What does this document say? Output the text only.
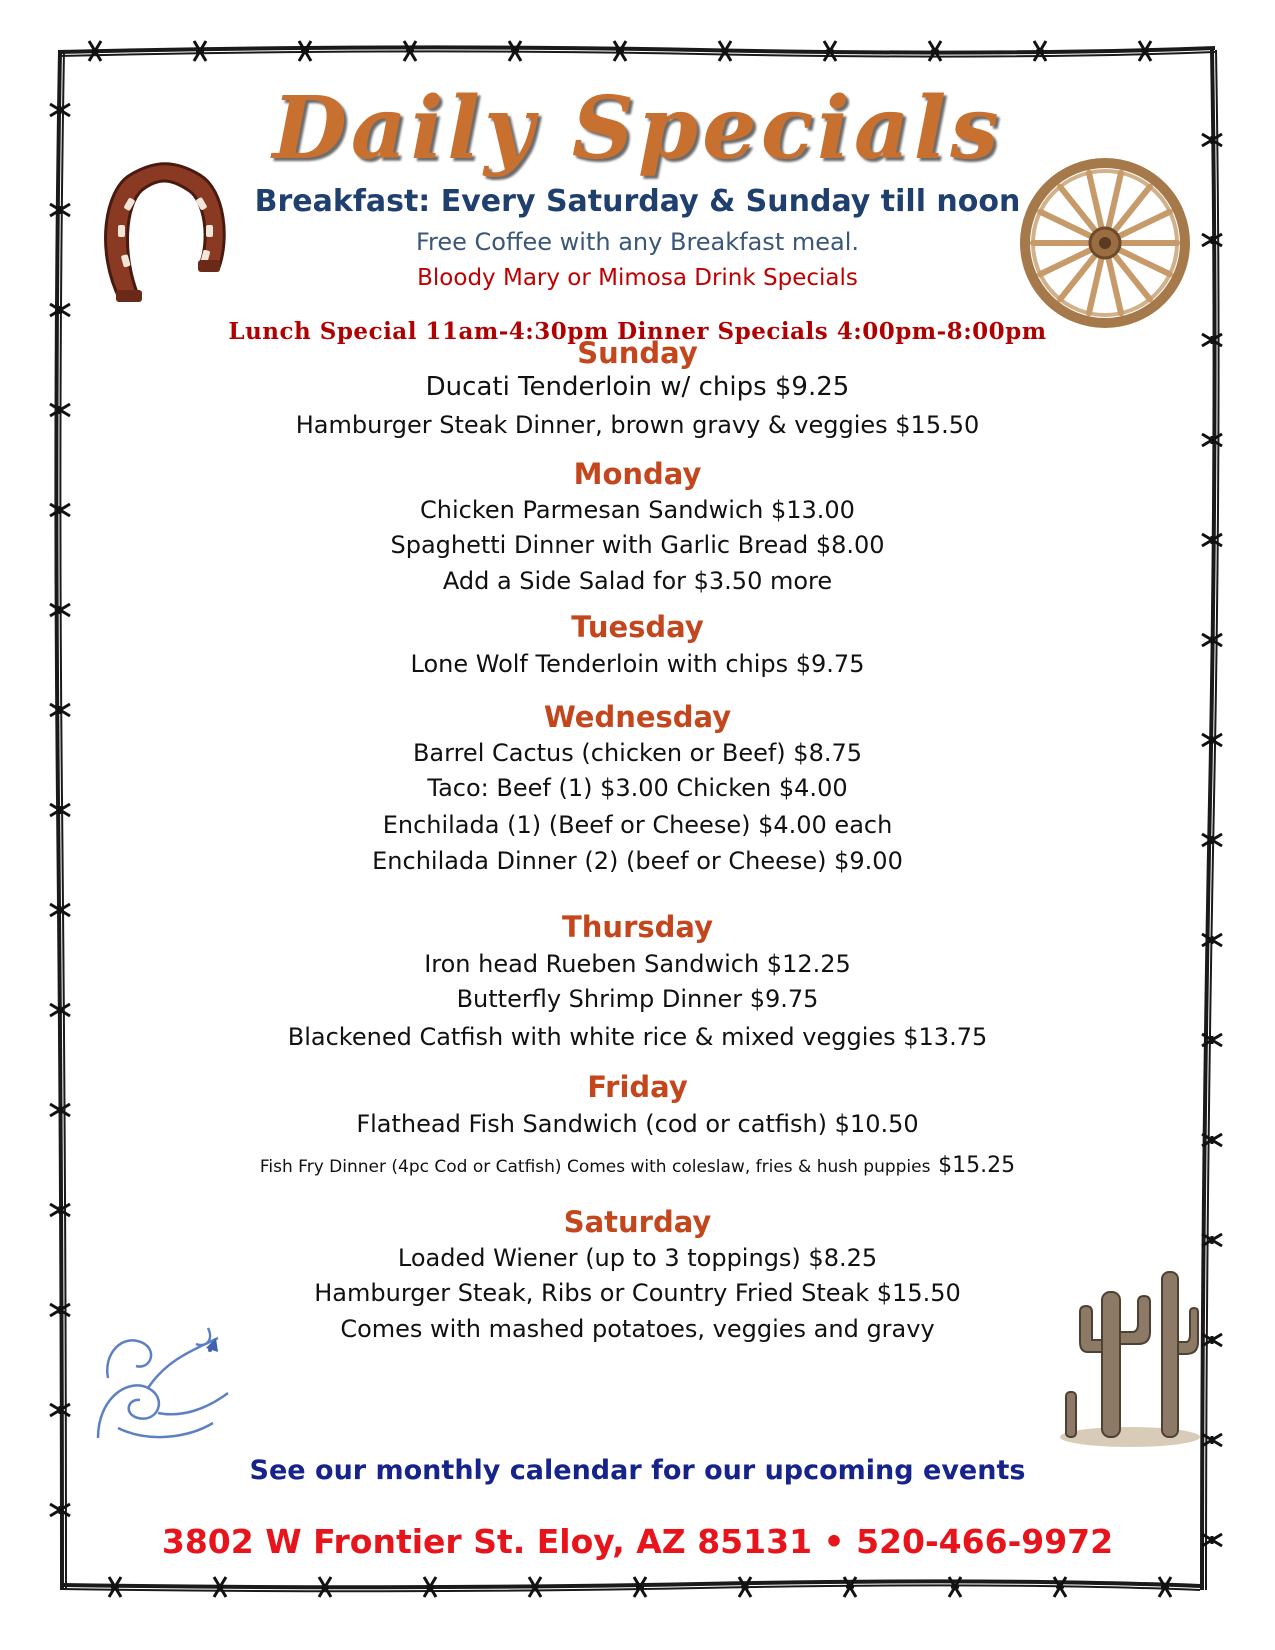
Daily Specials
Breakfast: Every Saturday & Sunday till noon
Free Coffee with any Breakfast meal.
Bloody Mary or Mimosa Drink Specials
Lunch Special 11am-4:30pm Dinner Specials 4:00pm-8:00pm
Sunday
Ducati Tenderloin w/ chips $9.25
Hamburger Steak Dinner, brown gravy & veggies $15.50
Monday
Chicken Parmesan Sandwich $13.00
Spaghetti Dinner with Garlic Bread $8.00
Add a Side Salad for $3.50 more
Tuesday
Lone Wolf Tenderloin with chips $9.75
Wednesday
Barrel Cactus (chicken or Beef) $8.75
Taco: Beef (1) $3.00 Chicken $4.00
Enchilada (1) (Beef or Cheese) $4.00 each
Enchilada Dinner (2) (beef or Cheese) $9.00
Thursday
Iron head Rueben Sandwich $12.25
Butterfly Shrimp Dinner $9.75
Blackened Catfish with white rice & mixed veggies $13.75
Friday
Flathead Fish Sandwich (cod or catfish) $10.50
Fish Fry Dinner (4pc Cod or Catfish) Comes with coleslaw, fries & hush puppies $15.25
Saturday
Loaded Wiener (up to 3 toppings) $8.25
Hamburger Steak, Ribs or Country Fried Steak $15.50
Comes with mashed potatoes, veggies and gravy
See our monthly calendar for our upcoming events
3802 W Frontier St. Eloy, AZ 85131 • 520-466-9972
